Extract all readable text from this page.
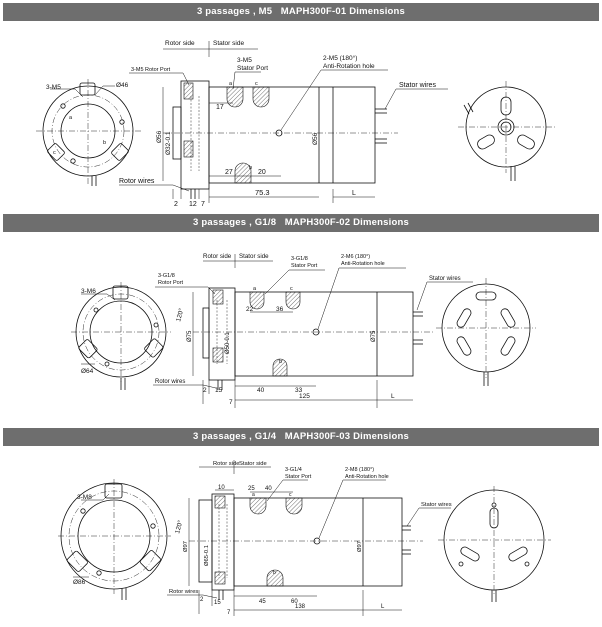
3 passages , M5   MAPH300F-01 Dimensions
3-M5	Ø46
a
b
c
Rotor side	Stator side
3-M5 Rotor Port
3-M5
Stator Port
2-M5 (180°)
Anti-Rotation hole
Stator wires
Rotor wires
17
27	20
2 12 7
75.3	L
Ø56 Ø32-0.1	Ø56
a	c
b
3 passages , G1/8   MAPH300F-02 Dimensions
3-M6
Ø64
120°
Rotor side Stator side
3-G1/8
Rotor Port
3-G1/8
Stator Port
2-M6 (180°)
Anti-Rotation hole
Stator wires
Rotor wires
22	36
40	33
2 15
7
125	L
Ø75	Ø50-0.1	Ø75
a	c
b
3 passages , G1/4   MAPH300F-03 Dimensions
3-M8
Ø86
120°
Rotor side Stator side
3-G1/4
Stator Port
2-M8 (180°)
Anti-Rotation hole
Stator wires
Rotor wires
10	25 40
45	60
2 15
7
138	L
Ø97	Ø65-0.1	Ø97
a	c
b
